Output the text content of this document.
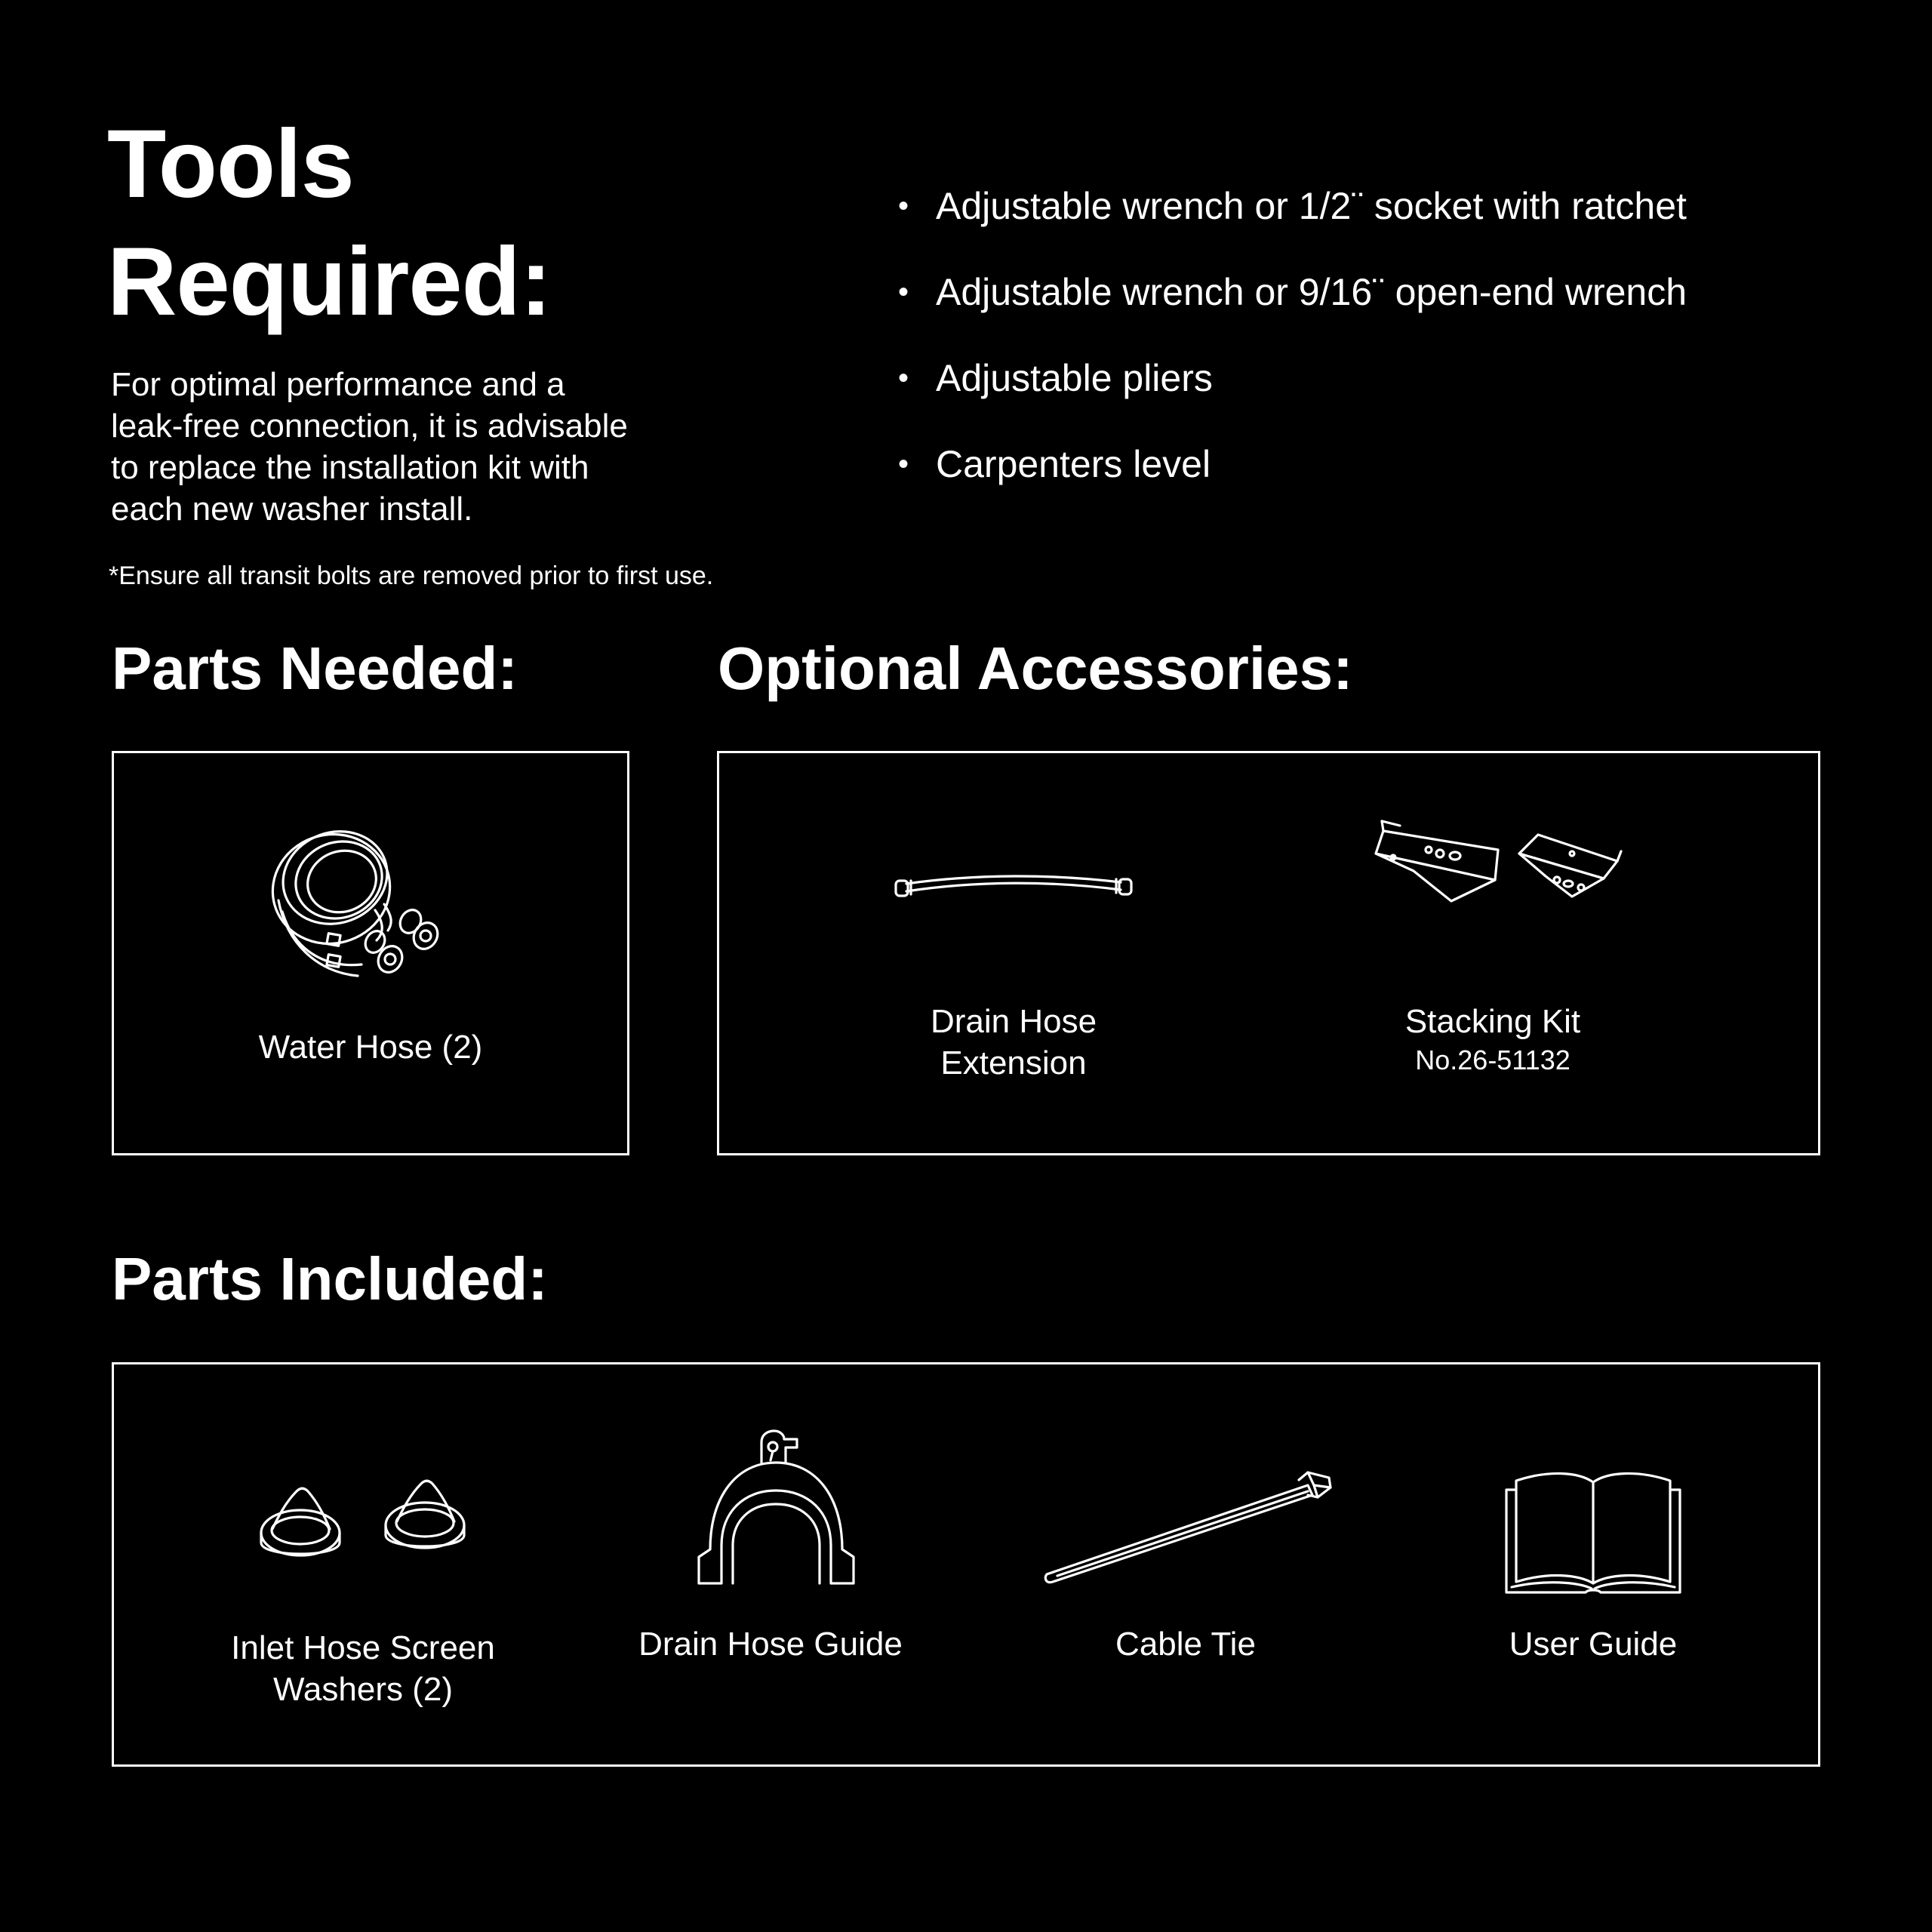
Tools
Required:

For optimal performance and a
leak-free connection, it is advisable
to replace the installation kit with
each new washer install.

*Ensure all transit bolts are removed prior to first use.

• Adjustable wrench or 1/2¨ socket with ratchet
• Adjustable wrench or 9/16¨ open-end wrench
• Adjustable pliers
• Carpenters level
Parts Needed:
Water Hose (2)
Optional Accessories:
Drain Hose
Extension
Stacking Kit
No.26-51132
Parts Included:
Inlet Hose Screen
Washers (2)
Drain Hose Guide	Cable Tie	User Guide
